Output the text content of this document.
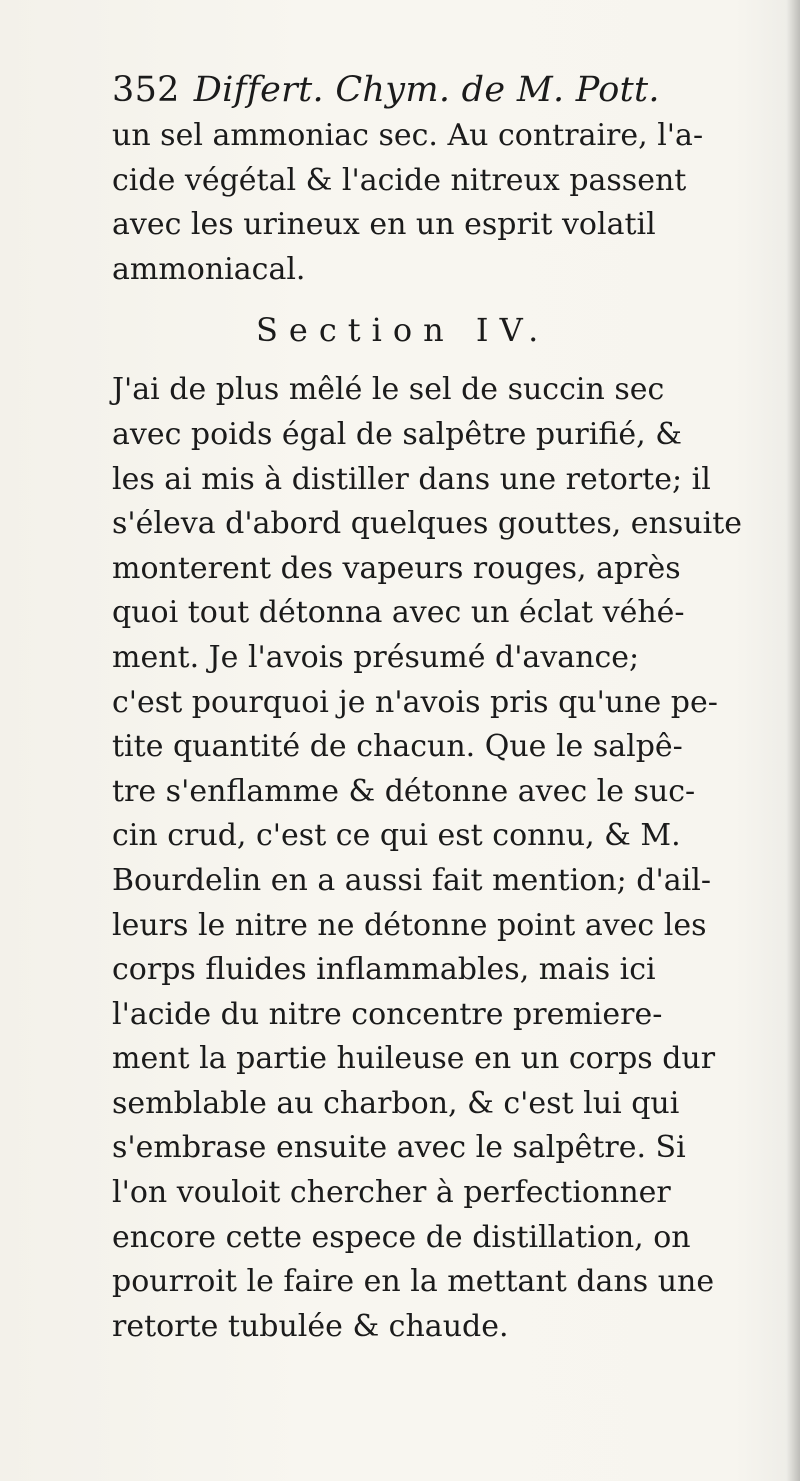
352 Differt. Chym. de M. Pott.
un sel ammoniac sec. Au contraire, l'a-
cide végétal & l'acide nitreux passent
avec les urineux en un esprit volatil
ammoniacal.
Section IV.
J'ai de plus mêlé le sel de succin sec
avec poids égal de salpêtre purifié, &
les ai mis à distiller dans une retorte; il
s'éleva d'abord quelques gouttes, ensuite
monterent des vapeurs rouges, après
quoi tout détonna avec un éclat véhé-
ment. Je l'avois présumé d'avance;
c'est pourquoi je n'avois pris qu'une pe-
tite quantité de chacun. Que le salpê-
tre s'enflamme & détonne avec le suc-
cin crud, c'est ce qui est connu, & M.
Bourdelin en a aussi fait mention; d'ail-
leurs le nitre ne détonne point avec les
corps fluides inflammables, mais ici
l'acide du nitre concentre premiere-
ment la partie huileuse en un corps dur
semblable au charbon, & c'est lui qui
s'embrase ensuite avec le salpêtre. Si
l'on vouloit chercher à perfectionner
encore cette espece de distillation, on
pourroit le faire en la mettant dans une
retorte tubulée & chaude.
